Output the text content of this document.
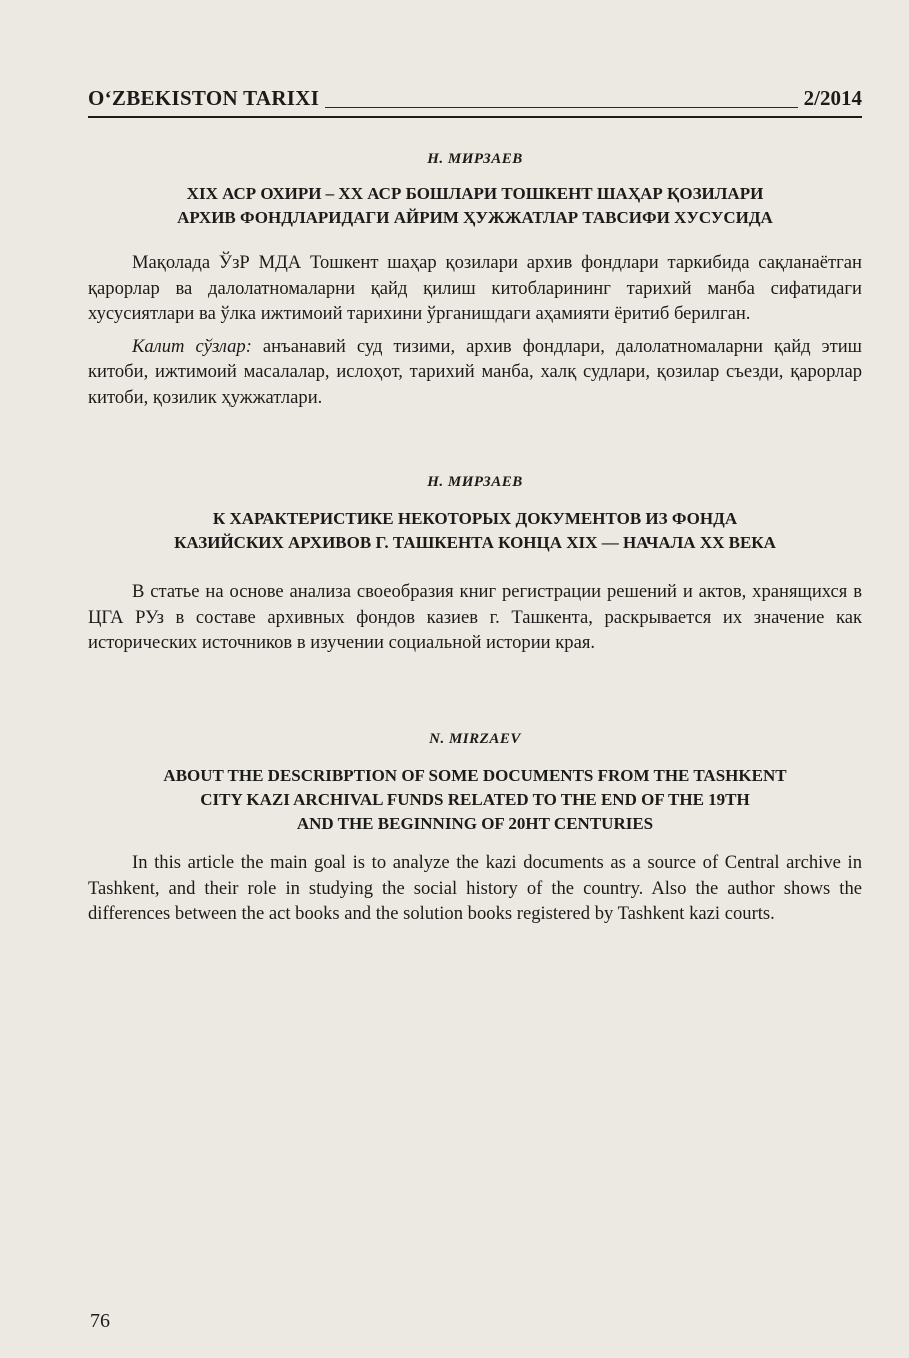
O‘ZBEKISTON TARIXI	2/2014

Н. МИРЗАЕВ

XIX АСР ОХИРИ – XX АСР БОШЛАРИ ТОШКЕНТ ШАҲАР ҚОЗИЛАРИ
АРХИВ ФОНДЛАРИДАГИ АЙРИМ ҲУЖЖАТЛАР ТАВСИФИ ХУСУСИДА

Мақолада ЎзР МДА Тошкент шаҳар қозилари архив фондлари таркибида сақланаётган қарорлар ва далолатномаларни қайд қилиш китобларининг тарихий манба сифатидаги хусусиятлари ва ўлка ижтимоий тарихини ўрганишдаги аҳамияти ёритиб берилган.

Калит сўзлар: анъанавий суд тизими, архив фондлари, далолатномаларни қайд этиш китоби, ижтимоий масалалар, ислоҳот, тарихий манба, халқ судлари, қозилар съезди, қарорлар китоби, қозилик ҳужжатлари.

Н. МИРЗАЕВ

К ХАРАКТЕРИСТИКЕ НЕКОТОРЫХ ДОКУМЕНТОВ ИЗ ФОНДА
КАЗИЙСКИХ АРХИВОВ Г. ТАШКЕНТА КОНЦА XIX — НАЧАЛА XX ВЕКА

В статье на основе анализа своеобразия книг регистрации решений и актов, хранящихся в ЦГА РУз в составе архивных фондов казиев г. Ташкента, раскрывается их значение как исторических источников в изучении социальной истории края.

N. MIRZAEV

ABOUT THE DESCRIBPTION OF SOME DOCUMENTS FROM THE TASHKENT
CITY KAZI ARCHIVAL FUNDS RELATED TO THE END OF THE 19TH
AND THE BEGINNING OF 20HT CENTURIES

In this article the main goal is to analyze the kazi documents as a source of Central archive in Tashkent, and their role in studying the social history of the country. Also the author shows the differences between the act books and the solution books registered by Tashkent kazi courts.

76
